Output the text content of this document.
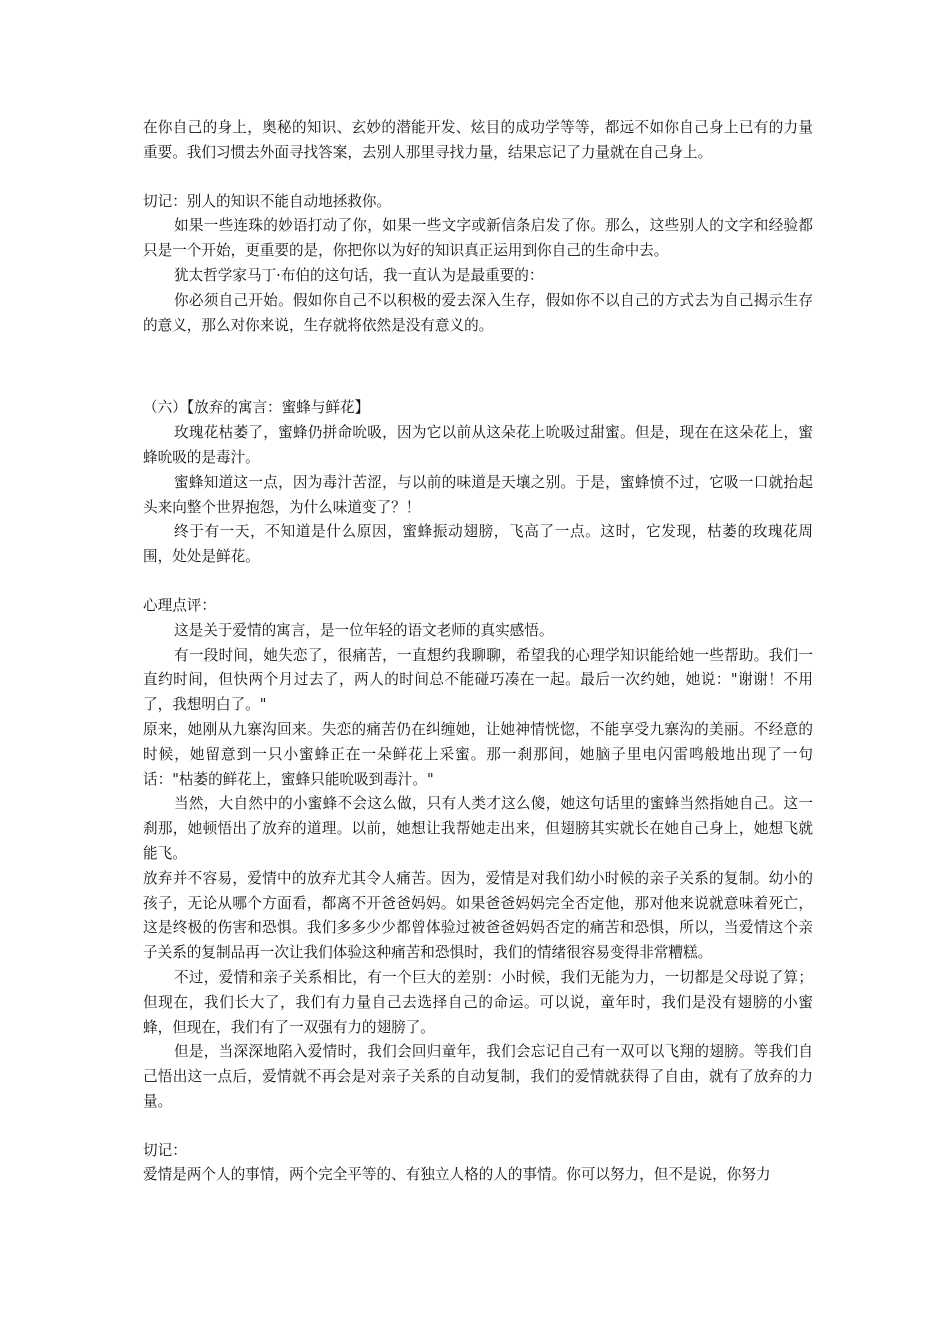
在你自己的身上，奥秘的知识、玄妙的潜能开发、炫目的成功学等等，都远不如你自己身上已有的力量重要。我们习惯去外面寻找答案，去别人那里寻找力量，结果忘记了力量就在自己身上。

切记：别人的知识不能自动地拯救你。

如果一些连珠的妙语打动了你，如果一些文字或新信条启发了你。那么，这些别人的文字和经验都只是一个开始，更重要的是，你把你以为好的知识真正运用到你自己的生命中去。

犹太哲学家马丁·布伯的这句话，我一直认为是最重要的：

你必须自己开始。假如你自己不以积极的爱去深入生存，假如你不以自己的方式去为自己揭示生存的意义，那么对你来说，生存就将依然是没有意义的。

（六）【放弃的寓言：蜜蜂与鲜花】

玫瑰花枯萎了，蜜蜂仍拼命吮吸，因为它以前从这朵花上吮吸过甜蜜。但是，现在在这朵花上，蜜蜂吮吸的是毒汁。

蜜蜂知道这一点，因为毒汁苦涩，与以前的味道是天壤之别。于是，蜜蜂愤不过，它吸一口就抬起头来向整个世界抱怨，为什么味道变了？！

终于有一天，不知道是什么原因，蜜蜂振动翅膀，飞高了一点。这时，它发现，枯萎的玫瑰花周围，处处是鲜花。

心理点评：

这是关于爱情的寓言，是一位年轻的语文老师的真实感悟。

有一段时间，她失恋了，很痛苦，一直想约我聊聊，希望我的心理学知识能给她一些帮助。我们一直约时间，但快两个月过去了，两人的时间总不能碰巧凑在一起。最后一次约她，她说："谢谢！不用了，我想明白了。"

原来，她刚从九寨沟回来。失恋的痛苦仍在纠缠她，让她神情恍惚，不能享受九寨沟的美丽。不经意的时候，她留意到一只小蜜蜂正在一朵鲜花上采蜜。那一刹那间，她脑子里电闪雷鸣般地出现了一句话："枯萎的鲜花上，蜜蜂只能吮吸到毒汁。"

当然，大自然中的小蜜蜂不会这么做，只有人类才这么傻，她这句话里的蜜蜂当然指她自己。这一刹那，她顿悟出了放弃的道理。以前，她想让我帮她走出来，但翅膀其实就长在她自己身上，她想飞就能飞。

放弃并不容易，爱情中的放弃尤其令人痛苦。因为，爱情是对我们幼小时候的亲子关系的复制。幼小的孩子，无论从哪个方面看，都离不开爸爸妈妈。如果爸爸妈妈完全否定他，那对他来说就意味着死亡，这是终极的伤害和恐惧。我们多多少少都曾体验过被爸爸妈妈否定的痛苦和恐惧，所以，当爱情这个亲子关系的复制品再一次让我们体验这种痛苦和恐惧时，我们的情绪很容易变得非常糟糕。

不过，爱情和亲子关系相比，有一个巨大的差别：小时候，我们无能为力，一切都是父母说了算；但现在，我们长大了，我们有力量自己去选择自己的命运。可以说，童年时，我们是没有翅膀的小蜜蜂，但现在，我们有了一双强有力的翅膀了。

但是，当深深地陷入爱情时，我们会回归童年，我们会忘记自己有一双可以飞翔的翅膀。等我们自己悟出这一点后，爱情就不再会是对亲子关系的自动复制，我们的爱情就获得了自由，就有了放弃的力量。

切记：

爱情是两个人的事情，两个完全平等的、有独立人格的人的事情。你可以努力，但不是说，你努力
